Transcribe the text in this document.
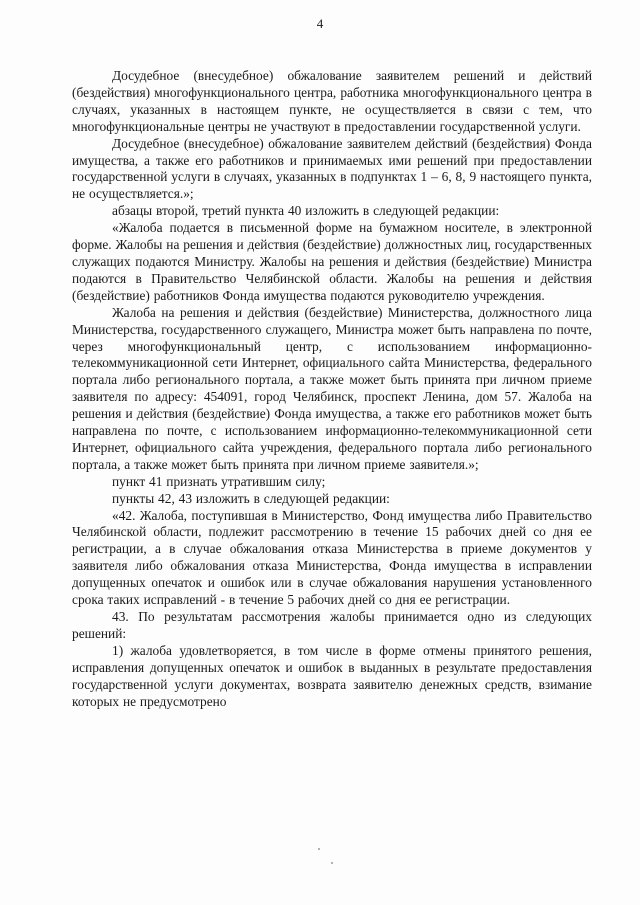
4

Досудебное (внесудебное) обжалование заявителем решений и действий (бездействия) многофункционального центра, работника многофункционального центра в случаях, указанных в настоящем пункте, не осуществляется в связи с тем, что многофункциональные центры не участвуют в предоставлении государственной услуги.

Досудебное (внесудебное) обжалование заявителем действий (бездействия) Фонда имущества, а также его работников и принимаемых ими решений при предоставлении государственной услуги в случаях, указанных в подпунктах 1 – 6, 8, 9 настоящего пункта, не осуществляется.»;

абзацы второй, третий пункта 40 изложить в следующей редакции:

«Жалоба подается в письменной форме на бумажном носителе, в электронной форме. Жалобы на решения и действия (бездействие) должностных лиц, государственных служащих подаются Министру. Жалобы на решения и действия (бездействие) Министра подаются в Правительство Челябинской области. Жалобы на решения и действия (бездействие) работников Фонда имущества подаются руководителю учреждения.

Жалоба на решения и действия (бездействие) Министерства, должностного лица Министерства, государственного служащего, Министра может быть направлена по почте, через многофункциональный центр, с использованием информационно-телекоммуникационной сети Интернет, официального сайта Министерства, федерального портала либо регионального портала, а также может быть принята при личном приеме заявителя по адресу: 454091, город Челябинск, проспект Ленина, дом 57. Жалоба на решения и действия (бездействие) Фонда имущества, а также его работников может быть направлена по почте, с использованием информационно-телекоммуникационной сети Интернет, официального сайта учреждения, федерального портала либо регионального портала, а также может быть принята при личном приеме заявителя.»;

пункт 41 признать утратившим силу;

пункты 42, 43 изложить в следующей редакции:

«42. Жалоба, поступившая в Министерство, Фонд имущества либо Правительство Челябинской области, подлежит рассмотрению в течение 15 рабочих дней со дня ее регистрации, а в случае обжалования отказа Министерства в приеме документов у заявителя либо обжалования отказа Министерства, Фонда имущества в исправлении допущенных опечаток и ошибок или в случае обжалования нарушения установленного срока таких исправлений - в течение 5 рабочих дней со дня ее регистрации.

43. По результатам рассмотрения жалобы принимается одно из следующих решений:

1) жалоба удовлетворяется, в том числе в форме отмены принятого решения, исправления допущенных опечаток и ошибок в выданных в результате предоставления государственной услуги документах, возврата заявителю денежных средств, взимание которых не предусмотрено
